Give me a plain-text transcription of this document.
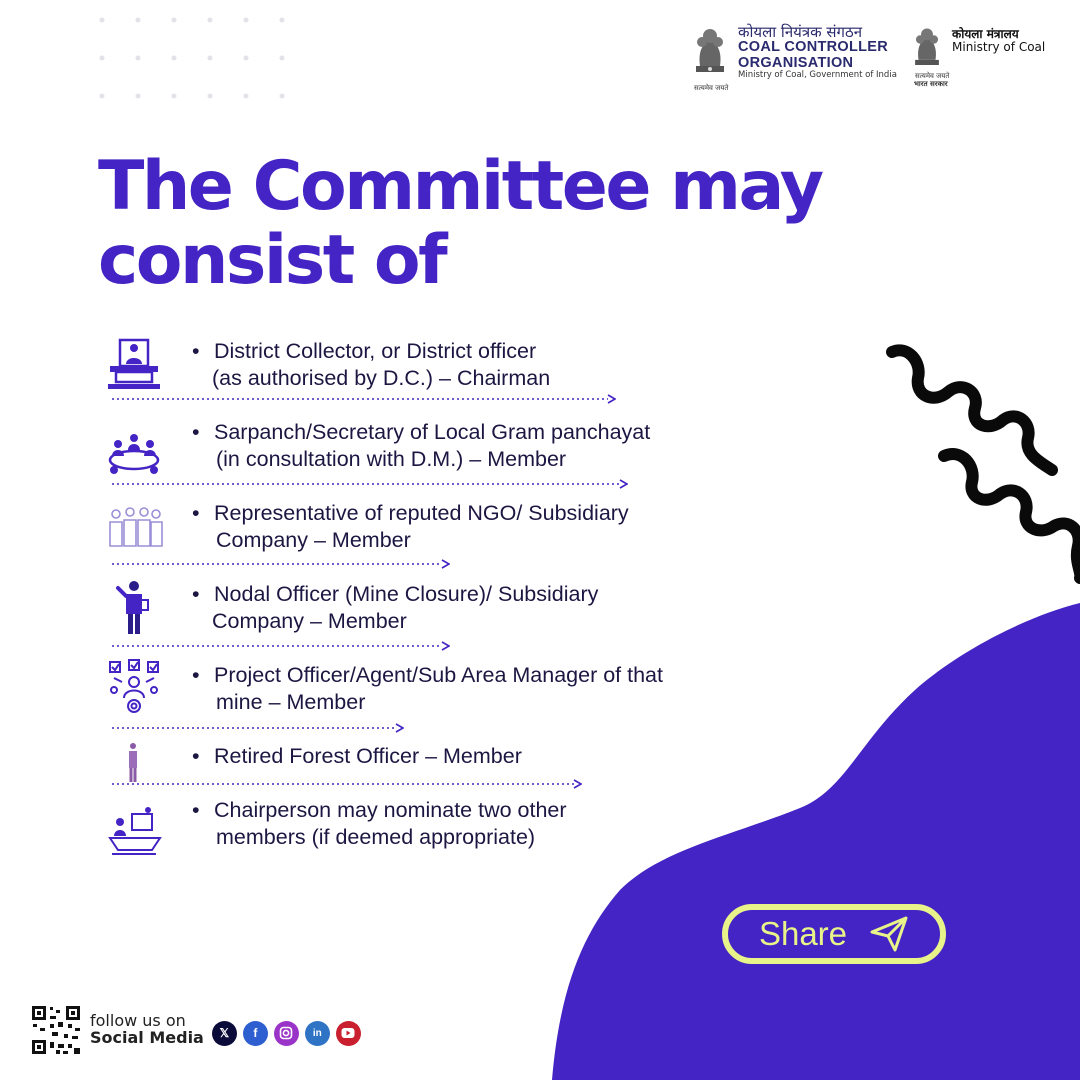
कोयला नियंत्रक संगठन
COAL CONTROLLER
ORGANISATION
Ministry of Coal, Government of India
सत्यमेव जयते
कोयला मंत्रालय
Ministry of Coal
सत्यमेव जयते
भारत सरकार
The Committee may consist of
• District Collector, or District officer
(as authorised by D.C.) – Chairman
• Sarpanch/Secretary of Local Gram panchayat
(in consultation with D.M.) – Member
• Representative of reputed NGO/ Subsidiary
Company – Member
• Nodal Officer (Mine Closure)/ Subsidiary
Company – Member
• Project Officer/Agent/Sub Area Manager of that
mine – Member
• Retired Forest Officer – Member
• Chairperson may nominate two other
members (if deemed appropriate)
Share
follow us on
Social Media	𝕏	f	in
